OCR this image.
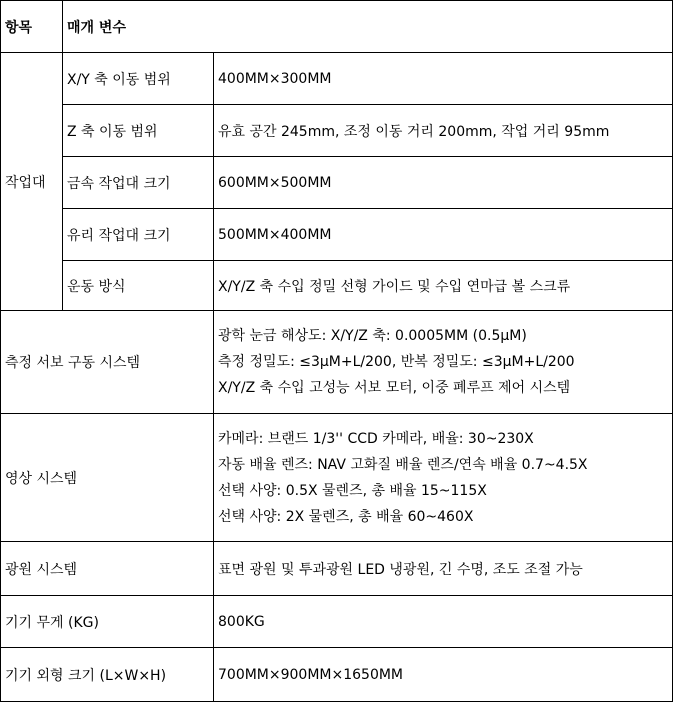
항목	매개 변수	
작업대	X/Y 축 이동 범위	400MM×300MM
	Z 축 이동 범위	유효 공간 245mm, 조정 이동 거리 200mm, 작업 거리 95mm
	금속 작업대 크기	600MM×500MM
	유리 작업대 크기	500MM×400MM
	운동 방식	X/Y/Z 축 수입 정밀 선형 가이드 및 수입 연마급 볼 스크류
측정 서보 구동 시스템		광학 눈금 해상도: X/Y/Z 축: 0.0005MM (0.5μM)
측정 정밀도: ≤3μM+L/200, 반복 정밀도: ≤3μM+L/200
X/Y/Z 축 수입 고성능 서보 모터, 이중 폐루프 제어 시스템

영상 시스템		카메라: 브랜드 1/3'' CCD 카메라, 배율: 30~230X
자동 배율 렌즈: NAV 고화질 배율 렌즈/연속 배율 0.7~4.5X
선택 사양: 0.5X 물렌즈, 총 배율 15~115X
선택 사양: 2X 물렌즈, 총 배율 60~460X

광원 시스템		표면 광원 및 투과광원 LED 냉광원, 긴 수명, 조도 조절 가능
기기 무게 (KG)		800KG
기기 외형 크기 (L×W×H)		700MM×900MM×1650MM
